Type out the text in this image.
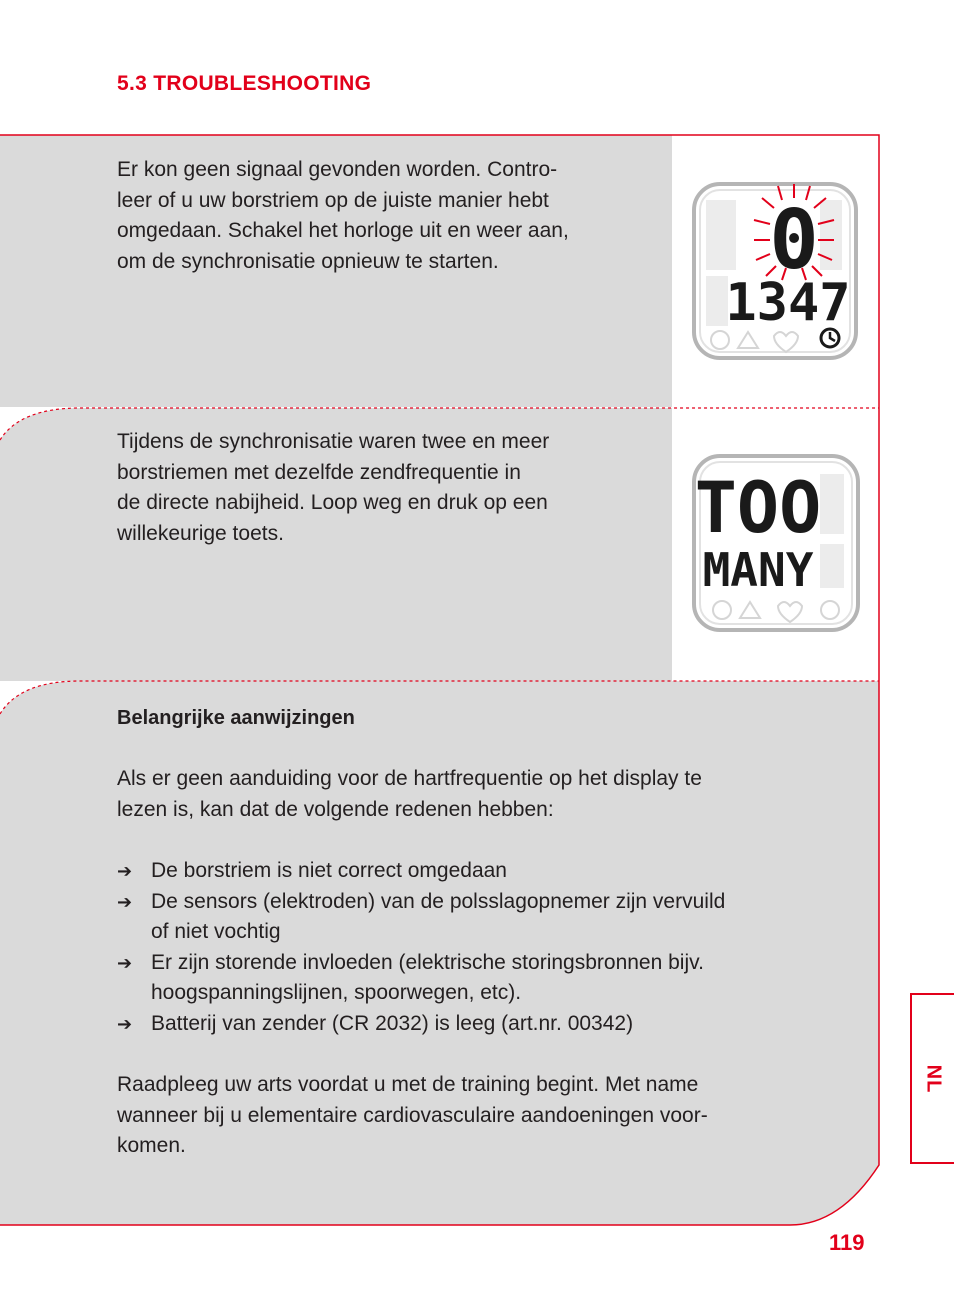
5.3 TROUBLESHOOTING
Er kon geen signaal gevonden worden. Contro-
leer of u uw borstriem op de juiste manier hebt
omgedaan. Schakel het horloge uit en weer aan,
om de synchronisatie opnieuw te starten.	0
1347
Tijdens de synchronisatie waren twee en meer
borstriemen met dezelfde zendfrequentie in
de directe nabijheid. Loop weg en druk op een
willekeurige toets.	TOO
MANY
Belangrijke aanwijzingen

Als er geen aanduiding voor de hartfrequentie op het display te

lezen is, kan dat de volgende redenen hebben:

➔ De borstriem is niet correct omgedaan

➔ De sensors (elektroden) van de polsslagopnemer zijn vervuild

of niet vochtig

➔ Er zijn storende invloeden (elektrische storingsbronnen bijv.

hoogspanningslijnen, spoorwegen, etc).

➔ Batterij van zender (CR 2032) is leeg (art.nr. 00342)

Raadpleeg uw arts voordat u met de training begint. Met name

wanneer bij u elementaire cardiovasculaire aandoeningen voor-

komen.

NL
119
